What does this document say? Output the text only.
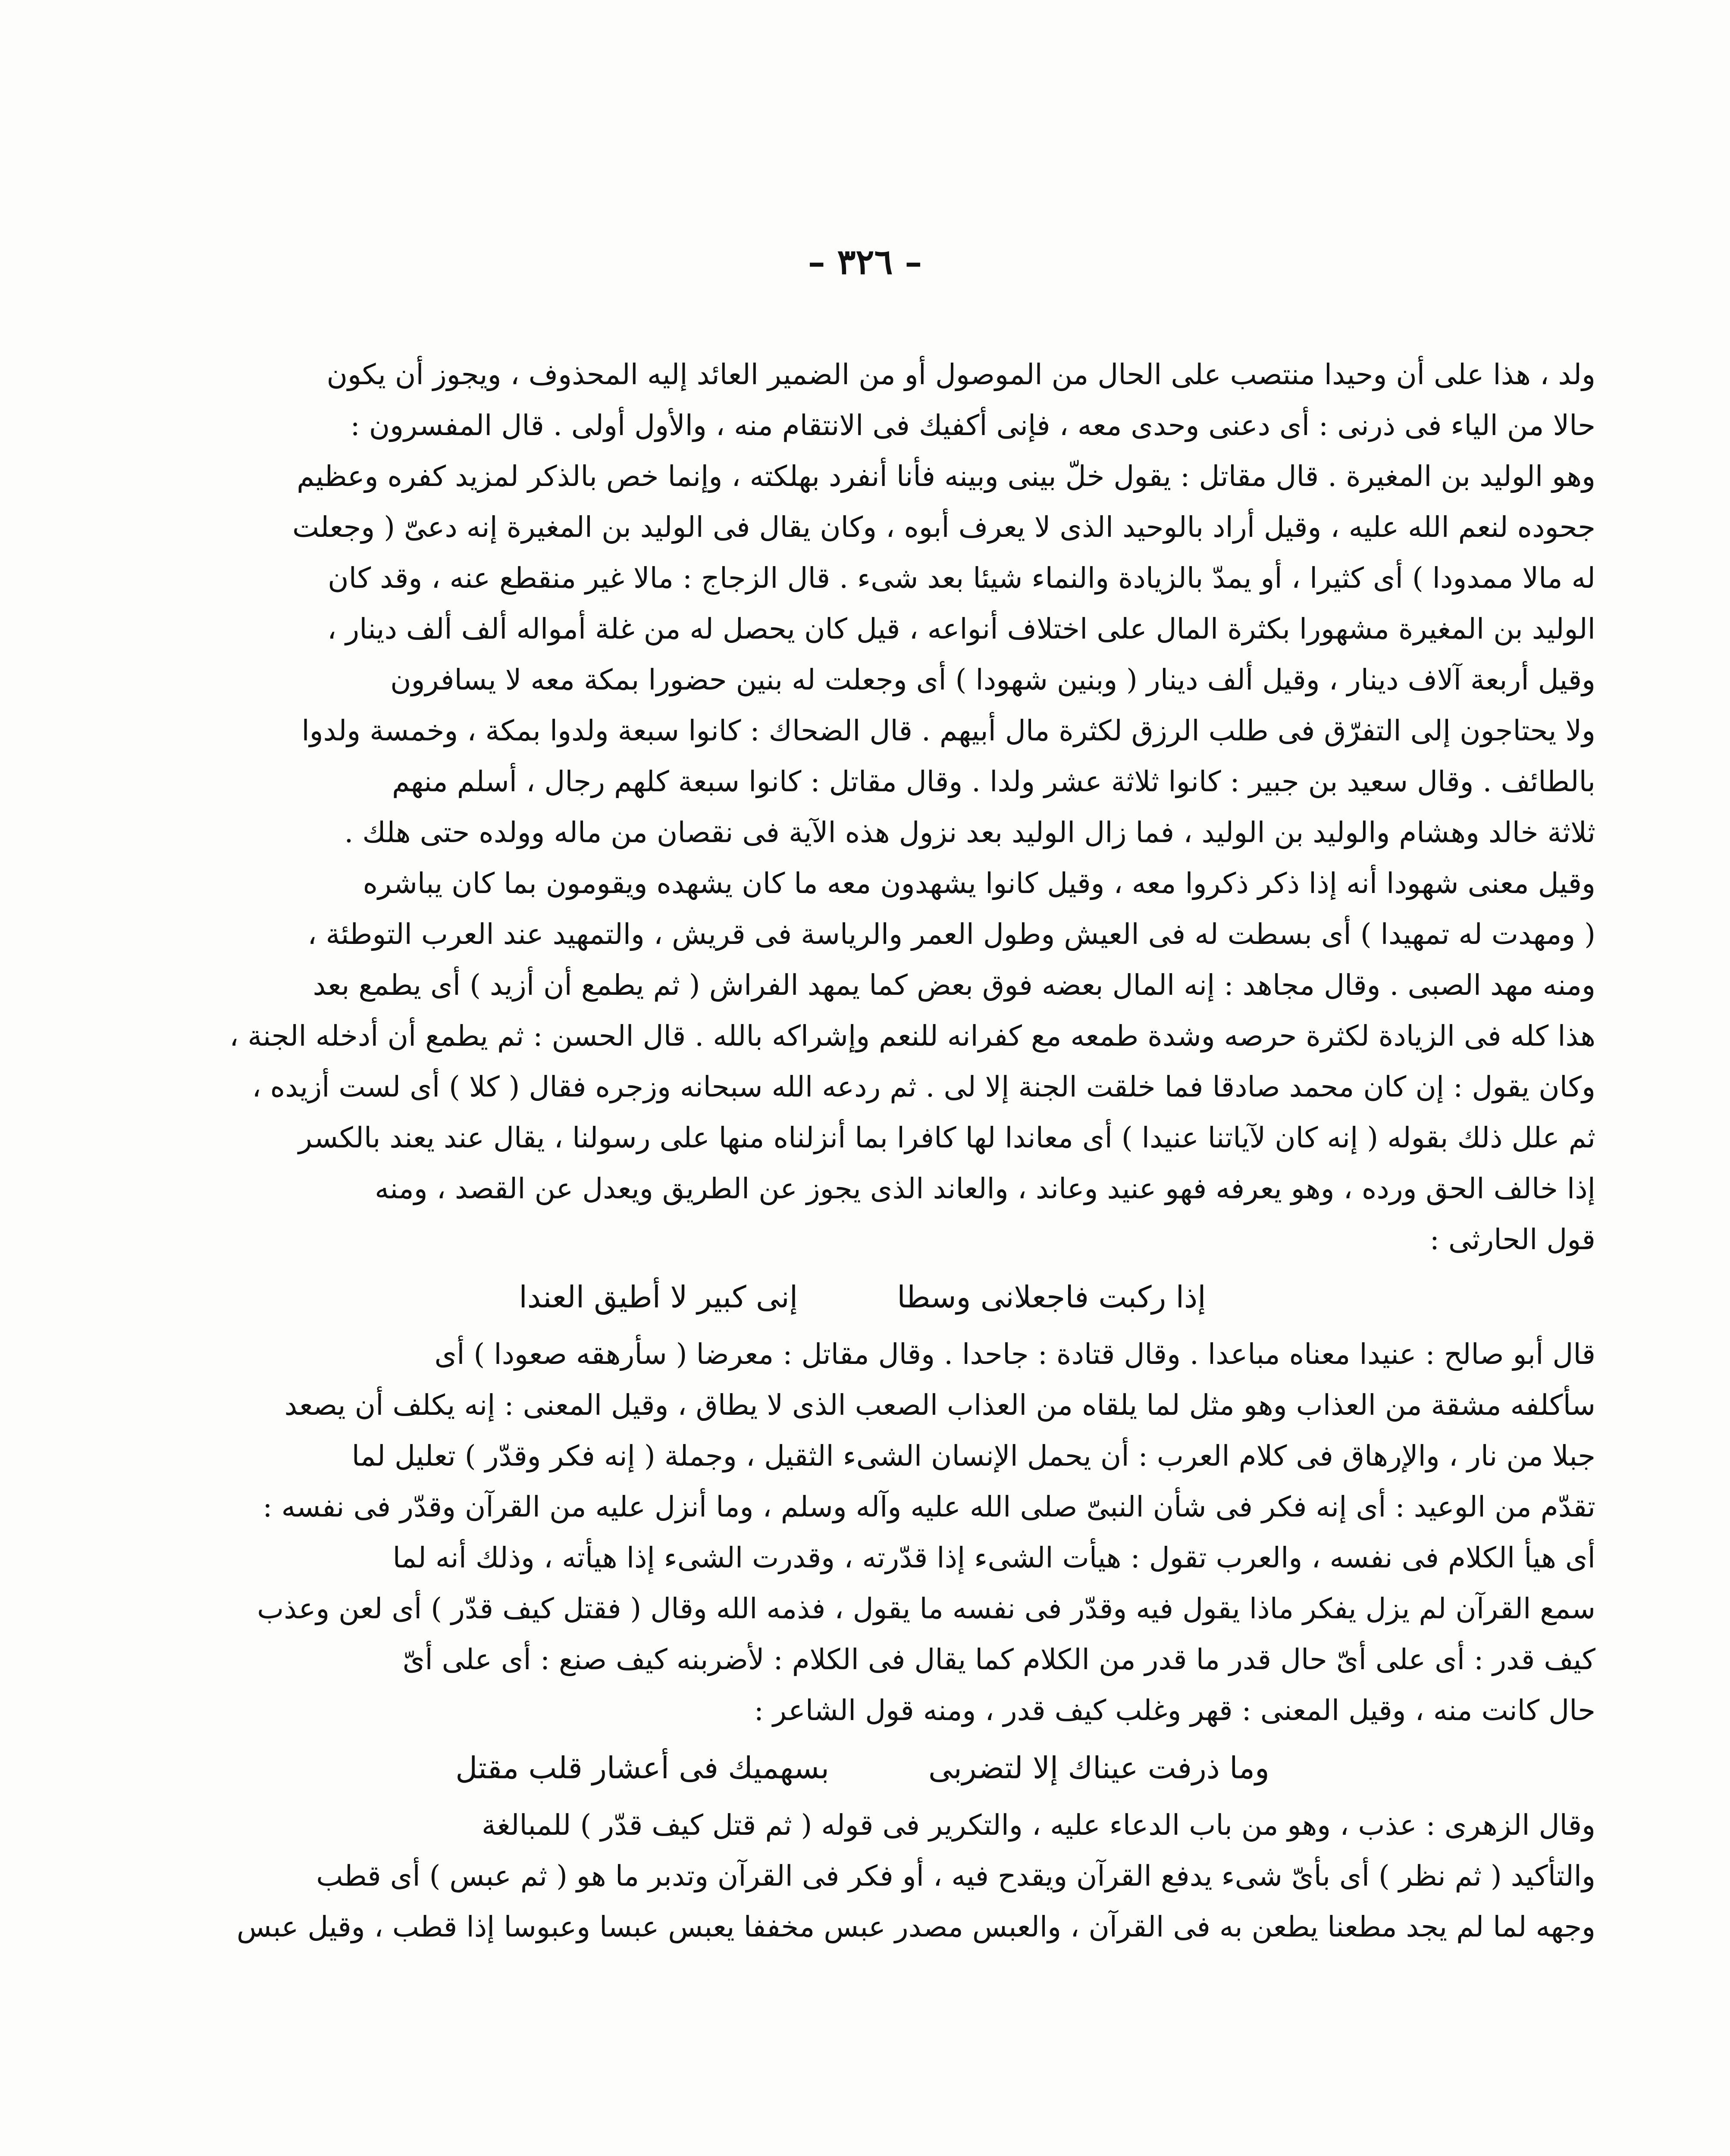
– ٣٢٦ –
ولد ، هذا على أن وحيدا منتصب على الحال من الموصول أو من الضمير العائد إليه المحذوف ، ويجوز أن يكون
حالا من الياء فى ذرنى : أى دعنى وحدى معه ، فإنى أكفيك فى الانتقام منه ، والأول أولى . قال المفسرون :
وهو الوليد بن المغيرة . قال مقاتل : يقول خلّ بينى وبينه فأنا أنفرد بهلكته ، وإنما خص بالذكر لمزيد كفره وعظيم
جحوده لنعم الله عليه ، وقيل أراد بالوحيد الذى لا يعرف أبوه ، وكان يقال فى الوليد بن المغيرة إنه دعىّ ( وجعلت
له مالا ممدودا ) أى كثيرا ، أو يمدّ بالزيادة والنماء شيئا بعد شىء . قال الزجاج : مالا غير منقطع عنه ، وقد كان
الوليد بن المغيرة مشهورا بكثرة المال على اختلاف أنواعه ، قيل كان يحصل له من غلة أمواله ألف ألف دينار ،
وقيل أربعة آلاف دينار ، وقيل ألف دينار ( وبنين شهودا ) أى وجعلت له بنين حضورا بمكة معه لا يسافرون
ولا يحتاجون إلى التفرّق فى طلب الرزق لكثرة مال أبيهم . قال الضحاك : كانوا سبعة ولدوا بمكة ، وخمسة ولدوا
بالطائف . وقال سعيد بن جبير : كانوا ثلاثة عشر ولدا . وقال مقاتل : كانوا سبعة كلهم رجال ، أسلم منهم
ثلاثة خالد وهشام والوليد بن الوليد ، فما زال الوليد بعد نزول هذه الآية فى نقصان من ماله وولده حتى هلك .
وقيل معنى شهودا أنه إذا ذكر ذكروا معه ، وقيل كانوا يشهدون معه ما كان يشهده ويقومون بما كان يباشره
( ومهدت له تمهيدا ) أى بسطت له فى العيش وطول العمر والرياسة فى قريش ، والتمهيد عند العرب التوطئة ،
ومنه مهد الصبى . وقال مجاهد : إنه المال بعضه فوق بعض كما يمهد الفراش ( ثم يطمع أن أزيد ) أى يطمع بعد
هذا كله فى الزيادة لكثرة حرصه وشدة طمعه مع كفرانه للنعم وإشراكه بالله . قال الحسن : ثم يطمع أن أدخله الجنة ،
وكان يقول : إن كان محمد صادقا فما خلقت الجنة إلا لى . ثم ردعه الله سبحانه وزجره فقال ( كلا ) أى لست أزيده ،
ثم علل ذلك بقوله ( إنه كان لآياتنا عنيدا ) أى معاندا لها كافرا بما أنزلناه منها على رسولنا ، يقال عند يعند بالكسر
إذا خالف الحق ورده ، وهو يعرفه فهو عنيد وعاند ، والعاند الذى يجوز عن الطريق ويعدل عن القصد ، ومنه
قول الحارثى :
إذا ركبت فاجعلانى وسطا
إنى كبير لا أطيق العندا
قال أبو صالح : عنيدا معناه مباعدا . وقال قتادة : جاحدا . وقال مقاتل : معرضا ( سأرهقه صعودا ) أى
سأكلفه مشقة من العذاب وهو مثل لما يلقاه من العذاب الصعب الذى لا يطاق ، وقيل المعنى : إنه يكلف أن يصعد
جبلا من نار ، والإرهاق فى كلام العرب : أن يحمل الإنسان الشىء الثقيل ، وجملة ( إنه فكر وقدّر ) تعليل لما
تقدّم من الوعيد : أى إنه فكر فى شأن النبىّ صلى الله عليه وآله وسلم ، وما أنزل عليه من القرآن وقدّر فى نفسه :
أى هيأ الكلام فى نفسه ، والعرب تقول : هيأت الشىء إذا قدّرته ، وقدرت الشىء إذا هيأته ، وذلك أنه لما
سمع القرآن لم يزل يفكر ماذا يقول فيه وقدّر فى نفسه ما يقول ، فذمه الله وقال ( فقتل كيف قدّر ) أى لعن وعذب
كيف قدر : أى على أىّ حال قدر ما قدر من الكلام كما يقال فى الكلام : لأضربنه كيف صنع : أى على أىّ
حال كانت منه ، وقيل المعنى : قهر وغلب كيف قدر ، ومنه قول الشاعر :
وما ذرفت عيناك إلا لتضربى
بسهميك فى أعشار قلب مقتل
وقال الزهرى : عذب ، وهو من باب الدعاء عليه ، والتكرير فى قوله ( ثم قتل كيف قدّر ) للمبالغة
والتأكيد ( ثم نظر ) أى بأىّ شىء يدفع القرآن ويقدح فيه ، أو فكر فى القرآن وتدبر ما هو ( ثم عبس ) أى قطب
وجهه لما لم يجد مطعنا يطعن به فى القرآن ، والعبس مصدر عبس مخففا يعبس عبسا وعبوسا إذا قطب ، وقيل عبس
